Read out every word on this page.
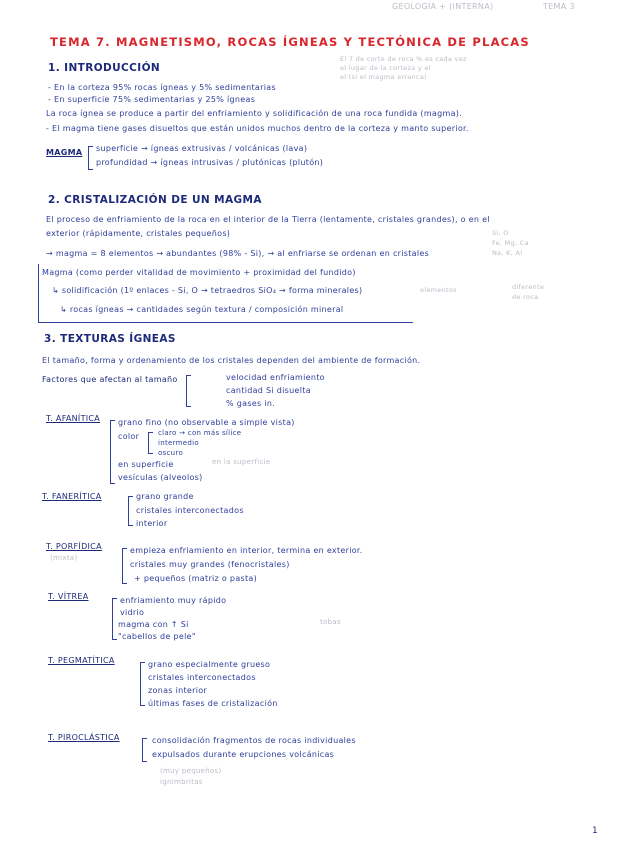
GEOLOGÍA + (INTERNA)	TEMA 3
TEMA 7. MAGNETISMO, ROCAS ÍGNEAS Y TECTÓNICA DE PLACAS
El 7 de corte de roca % es cada vez
el lugar de la corteza y el
el (si el magma arranca)
1. INTRODUCCIÓN
- En la corteza 95% rocas ígneas y 5% sedimentarias
- En superficie 75% sedimentarias y 25% ígneas
La roca ígnea se produce a partir del enfriamiento y solidificación de una roca fundida (magma).
- El magma tiene gases disueltos que están unidos muchos dentro de la corteza y manto superior.
MAGMA superficie → ígneas extrusivas / volcánicas (lava)
profundidad → ígneas intrusivas / plutónicas (plutón)
2. CRISTALIZACIÓN DE UN MAGMA
El proceso de enfriamiento de la roca en el interior de la Tierra (lentamente, cristales grandes), o en el
exterior (rápidamente, cristales pequeños)
→ magma = 8 elementos → abundantes (98% - Si), → al enfriarse se ordenan en cristales
Si, O
Fe, Mg, Ca
Na, K, Al
Magma (como perder vitalidad de movimiento + proximidad del fundido)
↳ solidificación (1º enlaces - Si, O → tetraedros SiO₄ → forma minerales)
↳ rocas ígneas → cantidades según textura / composición mineral
elementos	diferente
de roca
3. TEXTURAS ÍGNEAS
El tamaño, forma y ordenamiento de los cristales dependen del ambiente de formación.
Factores que afectan al tamaño	velocidad enfriamiento
cantidad Si disuelta
% gases in.
T. AFANÍTICA grano fino (no observable a simple vista)
color	claro → con más sílice
intermedio
oscuro
en superficie
vesículas (alveolos)
en la superficie
T. FANERÍTICA	grano grande
cristales interconectados
interior
T. PORFÍDICA
(mixta)
empieza enfriamiento en interior, termina en exterior.
cristales muy grandes (fenocristales)
+ pequeños (matriz o pasta)
T. VÍTREA	enfriamiento muy rápido
vidrio
magma con ↑ Si
"cabellos de pele"
tobas
T. PEGMATÍTICA	grano especialmente grueso
cristales interconectados
zonas interior
últimas fases de cristalización
T. PIROCLÁSTICA	consolidación fragmentos de rocas individuales
expulsados durante erupciones volcánicas
(muy pequeños)
ignimbritas
1
